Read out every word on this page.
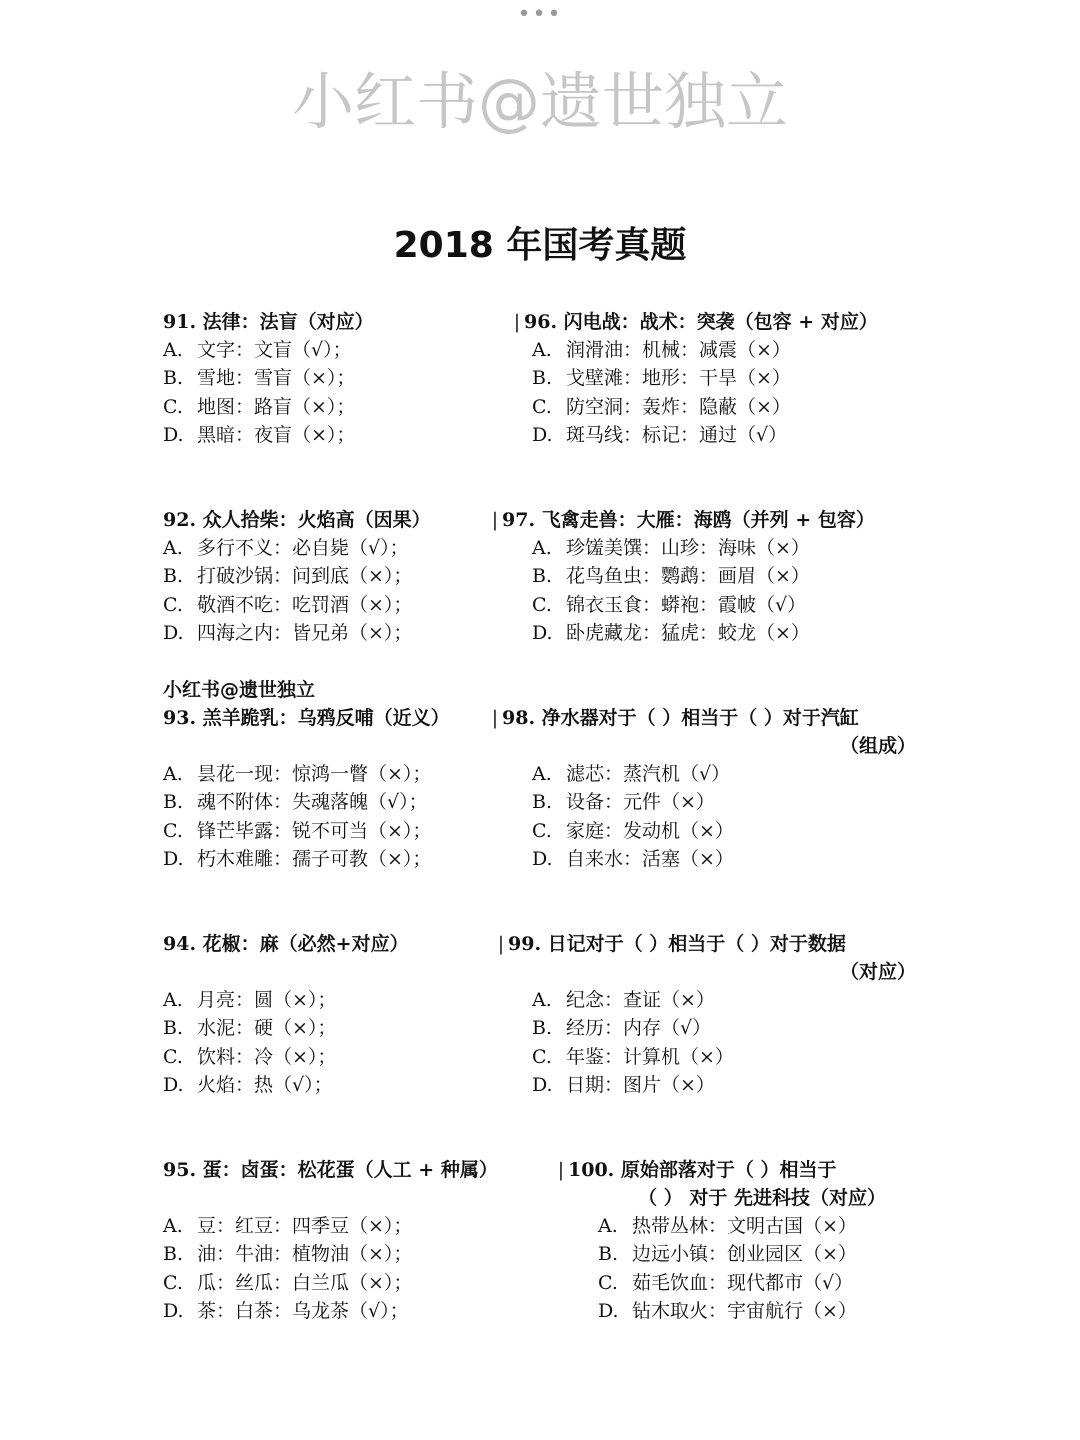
•••
小红书@遗世独立
2018 年国考真题
91. 法律：法盲（对应）
A. 文字：文盲（√）；
B. 雪地：雪盲（×）；
C. 地图：路盲（×）；
D. 黑暗：夜盲（×）；
92. 众人拾柴：火焰高（因果）
A. 多行不义：必自毙（√）；
B. 打破沙锅：问到底（×）；
C. 敬酒不吃：吃罚酒（×）；
D. 四海之内：皆兄弟（×）；
小红书@遗世独立
93. 羔羊跪乳：乌鸦反哺（近义）
A. 昙花一现：惊鸿一瞥（×）；
B. 魂不附体：失魂落魄（√）；
C. 锋芒毕露：锐不可当（×）；
D. 朽木难雕：孺子可教（×）；
94. 花椒：麻（必然+对应）
A. 月亮：圆（×）；
B. 水泥：硬（×）；
C. 饮料：冷（×）；
D. 火焰：热（√）；
95. 蛋：卤蛋：松花蛋（人工 + 种属）
A. 豆：红豆：四季豆（×）；
B. 油：牛油：植物油（×）；
C. 瓜：丝瓜：白兰瓜（×）；
D. 茶：白茶：乌龙茶（√）；
| 96. 闪电战：战术：突袭（包容 + 对应）
A. 润滑油：机械：减震（×）
B. 戈壁滩：地形：干旱（×）
C. 防空洞：轰炸：隐蔽（×）
D. 斑马线：标记：通过（√）
| 97. 飞禽走兽：大雁：海鸥（并列 + 包容）
A. 珍馐美馔：山珍：海味（×）
B. 花鸟鱼虫：鹦鹉：画眉（×）
C. 锦衣玉食：蟒袍：霞帔（√）
D. 卧虎藏龙：猛虎：蛟龙（×）
| 98. 净水器对于（ ）相当于（ ）对于汽缸
（组成）
A. 滤芯：蒸汽机（√）
B. 设备：元件（×）
C. 家庭：发动机（×）
D. 自来水：活塞（×）
| 99. 日记对于（ ）相当于（ ）对于数据
（对应）
A. 纪念：查证（×）
B. 经历：内存（√）
C. 年鉴：计算机（×）
D. 日期：图片（×）
| 100. 原始部落对于（ ）相当于
（ ） 对于 先进科技（对应）
A. 热带丛林：文明古国（×）
B. 边远小镇：创业园区（×）
C. 茹毛饮血：现代都市（√）
D. 钻木取火：宇宙航行（×）
